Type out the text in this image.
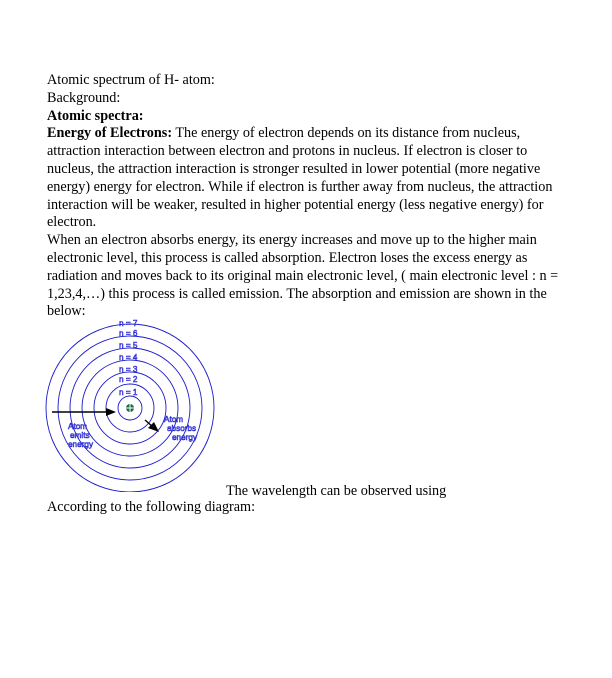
Atomic spectrum of H- atom:

Background:

Atomic spectra:

Energy of Electrons: The energy of electron depends on its distance from nucleus, attraction interaction between electron and protons in nucleus. If electron is closer to nucleus, the attraction interaction is stronger resulted in lower potential (more negative energy) energy for electron. While if electron is further away from nucleus, the attraction interaction will be weaker, resulted in higher potential energy (less negative energy) for electron.

When an electron absorbs energy, its energy increases and move up to the higher main electronic level, this process is called absorption. Electron loses the excess energy as radiation and moves back to its original main electronic level, ( main electronic level : n = 1,23,4,…) this process is called emission. The absorption and emission are shown in the below:

n = 7
n = 6
n = 5
n = 4
n = 3
n = 2
n = 1
Atom
emits
energy
Atom
absorbs
energy
The wavelength can be observed using
According to the following diagram:
